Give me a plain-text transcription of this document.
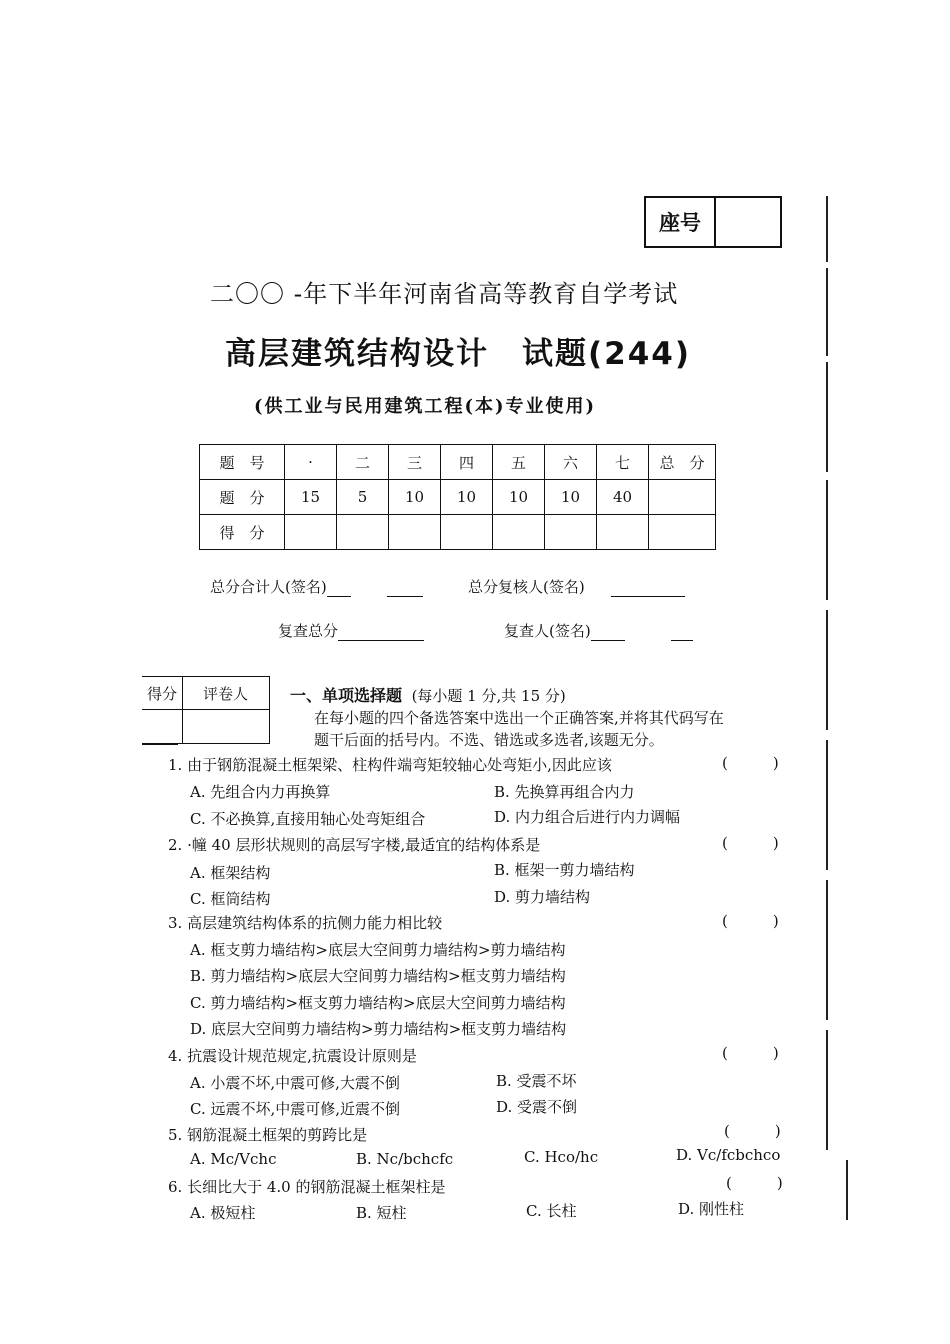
座号
二〇〇 -年下半年河南省高等教育自学考试
高层建筑结构设计　试题(244)
(供工业与民用建筑工程(本)专业使用)
题　号	·	二	三	四	五	六	七	总　分
题　分	15	5	10	10	10	10	40	
得　分								
总分合计人(签名)	总分复核人(签名)
复查总分	复查人(签名)
得分	评卷人	一、单项选择题 (每小题 1 分,共 15 分)
在每小题的四个备选答案中选出一个正确答案,并将其代码写在
题干后面的括号内。不选、错选或多选者,该题无分。
1. 由于钢筋混凝土框架梁、柱构件端弯矩较轴心处弯矩小,因此应该	(　　　)
A. 先组合内力再换算	B. 先换算再组合内力
C. 不必换算,直接用轴心处弯矩组合	D. 内力组合后进行内力调幅
2. ·幢 40 层形状规则的高层写字楼,最适宜的结构体系是	(　　　)
A. 框架结构	B. 框架一剪力墙结构
C. 框筒结构	D. 剪力墙结构
3. 高层建筑结构体系的抗侧力能力相比较	(　　　)
A. 框支剪力墙结构>底层大空间剪力墙结构>剪力墙结构
B. 剪力墙结构>底层大空间剪力墙结构>框支剪力墙结构
C. 剪力墙结构>框支剪力墙结构>底层大空间剪力墙结构
D. 底层大空间剪力墙结构>剪力墙结构>框支剪力墙结构
4. 抗震设计规范规定,抗震设计原则是	(　　　)
A. 小震不坏,中震可修,大震不倒	B. 受震不坏
C. 远震不坏,中震可修,近震不倒	D. 受震不倒
5. 钢筋混凝土框架的剪跨比是	(　　　)
A. Mc/Vchc	B. Nc/bchcfc	C. Hco/hc	D. Vc/fcbchco
6. 长细比大于 4.0 的钢筋混凝土框架柱是	(　　　)
A. 极短柱	B. 短柱	C. 长柱	D. 刚性柱
